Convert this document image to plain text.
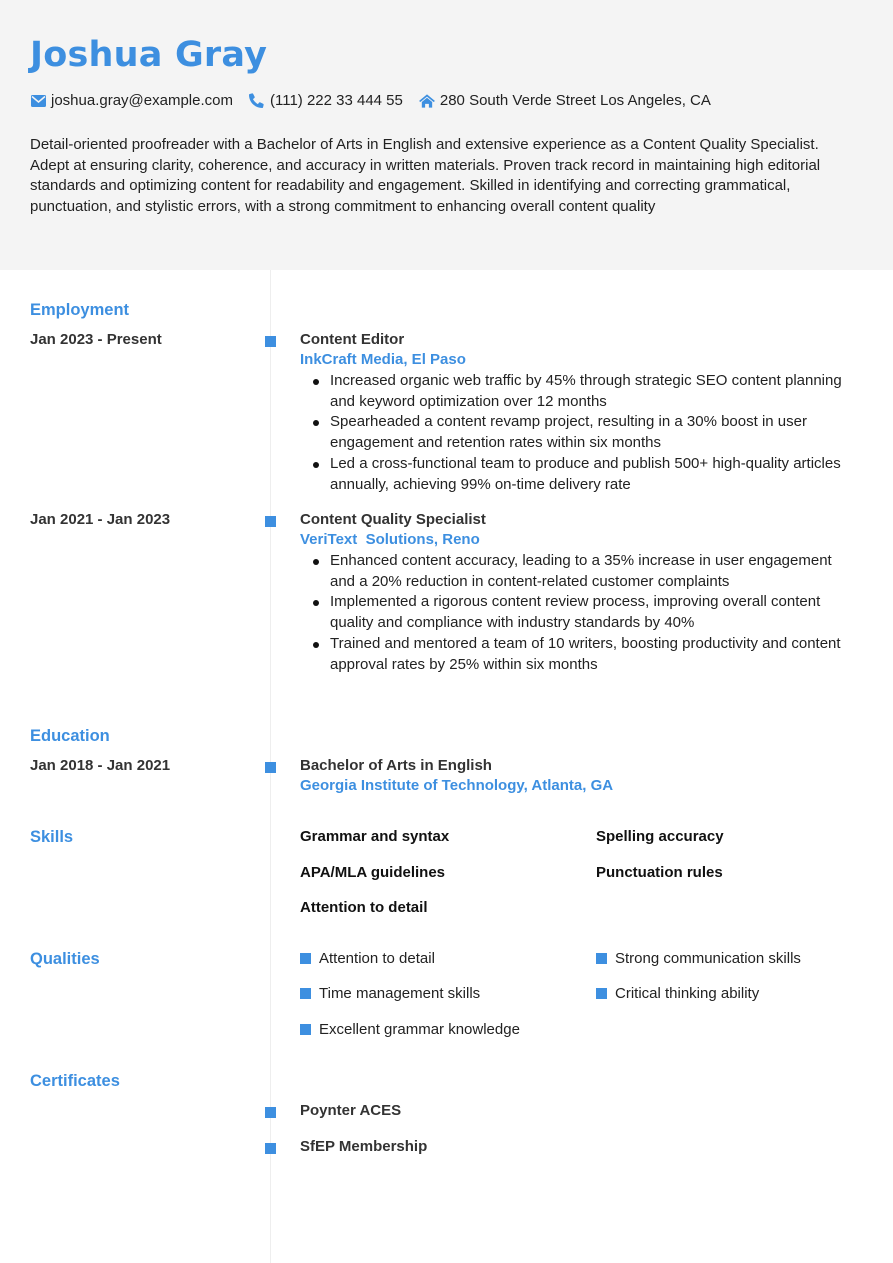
Joshua Gray
joshua.gray@example.com (111) 222 33 444 55 280 South Verde Street Los Angeles, CA
Detail-oriented proofreader with a Bachelor of Arts in English and extensive experience as a Content Quality Specialist. Adept at ensuring clarity, coherence, and accuracy in written materials. Proven track record in maintaining high editorial standards and optimizing content for readability and engagement. Skilled in identifying and correcting grammatical, punctuation, and stylistic errors, with a strong commitment to enhancing overall content quality
Employment
Jan 2023 - Present	Content Editor
InkCraft Media, El Paso
Increased organic web traffic by 45% through strategic SEO content planning and keyword optimization over 12 months
Spearheaded a content revamp project, resulting in a 30% boost in user engagement and retention rates within six months
Led a cross-functional team to produce and publish 500+ high-quality articles annually, achieving 99% on-time delivery rate
Jan 2021 - Jan 2023	Content Quality Specialist
VeriText  Solutions, Reno
Enhanced content accuracy, leading to a 35% increase in user engagement and a 20% reduction in content-related customer complaints
Implemented a rigorous content review process, improving overall content quality and compliance with industry standards by 40%
Trained and mentored a team of 10 writers, boosting productivity and content approval rates by 25% within six months
Education
Jan 2018 - Jan 2021	Bachelor of Arts in English
Georgia Institute of Technology, Atlanta, GA
Skills	Grammar and syntax	Spelling accuracy
APA/MLA guidelines	Punctuation rules
Attention to detail
Qualities	Attention to detail	Strong communication skills
Time management skills	Critical thinking ability
Excellent grammar knowledge
Certificates
Poynter ACES
SfEP Membership
